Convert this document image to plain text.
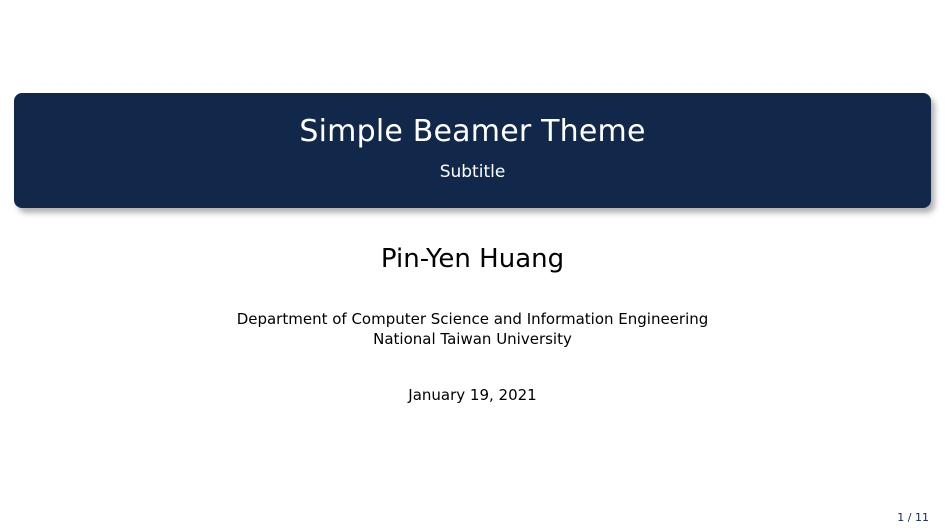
Simple Beamer Theme
Subtitle
Pin-Yen Huang
Department of Computer Science and Information Engineering
National Taiwan University
January 19, 2021
1 / 11
